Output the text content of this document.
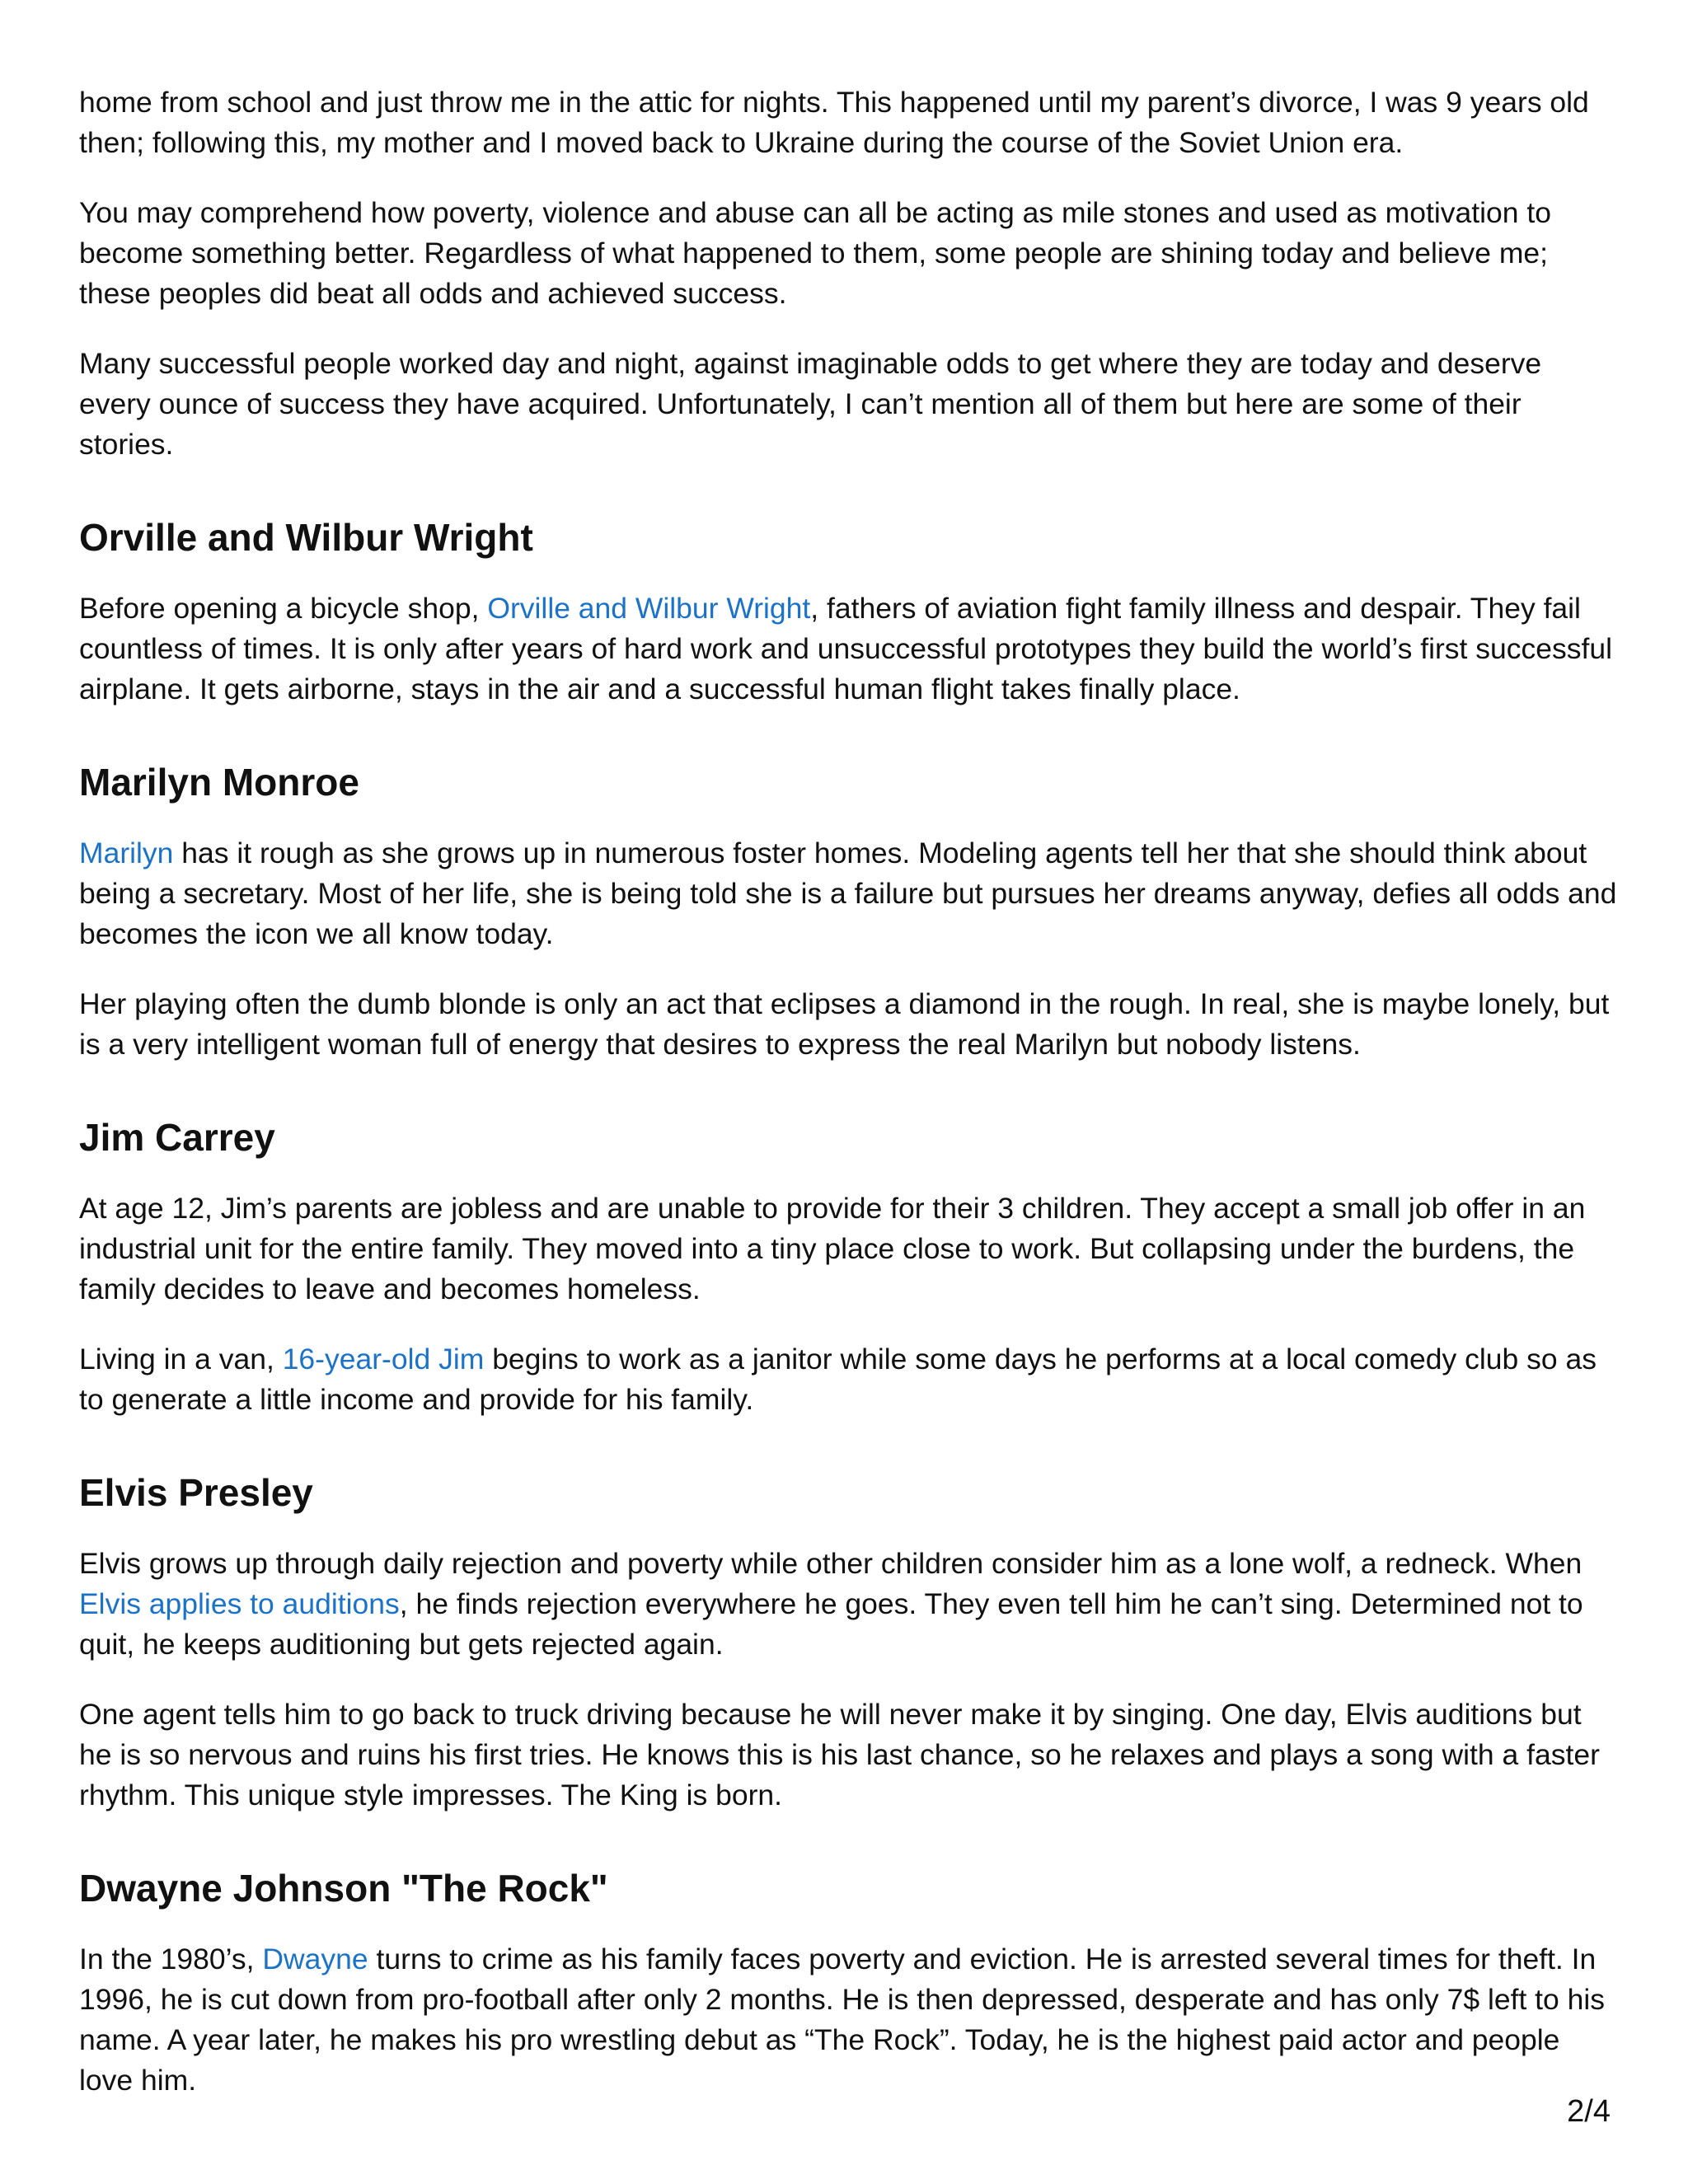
home from school and just throw me in the attic for nights. This happened until my parent’s divorce, I was 9 years old then; following this, my mother and I moved back to Ukraine during the course of the Soviet Union era.

You may comprehend how poverty, violence and abuse can all be acting as mile stones and used as motivation to become something better. Regardless of what happened to them, some people are shining today and believe me; these peoples did beat all odds and achieved success.

Many successful people worked day and night, against imaginable odds to get where they are today and deserve every ounce of success they have acquired. Unfortunately, I can’t mention all of them but here are some of their stories.

Orville and Wilbur Wright

Before opening a bicycle shop, Orville and Wilbur Wright, fathers of aviation fight family illness and despair. They fail countless of times. It is only after years of hard work and unsuccessful prototypes they build the world’s first successful airplane. It gets airborne, stays in the air and a successful human flight takes finally place.

Marilyn Monroe

Marilyn has it rough as she grows up in numerous foster homes. Modeling agents tell her that she should think about being a secretary. Most of her life, she is being told she is a failure but pursues her dreams anyway, defies all odds and becomes the icon we all know today.

Her playing often the dumb blonde is only an act that eclipses a diamond in the rough. In real, she is maybe lonely, but is a very intelligent woman full of energy that desires to express the real Marilyn but nobody listens.

Jim Carrey

At age 12, Jim’s parents are jobless and are unable to provide for their 3 children. They accept a small job offer in an industrial unit for the entire family. They moved into a tiny place close to work. But collapsing under the burdens, the family decides to leave and becomes homeless.

Living in a van, 16-year-old Jim begins to work as a janitor while some days he performs at a local comedy club so as to generate a little income and provide for his family.

Elvis Presley

Elvis grows up through daily rejection and poverty while other children consider him as a lone wolf, a redneck. When Elvis applies to auditions, he finds rejection everywhere he goes. They even tell him he can’t sing. Determined not to quit, he keeps auditioning but gets rejected again.

One agent tells him to go back to truck driving because he will never make it by singing. One day, Elvis auditions but he is so nervous and ruins his first tries. He knows this is his last chance, so he relaxes and plays a song with a faster rhythm. This unique style impresses. The King is born.

Dwayne Johnson "The Rock"

In the 1980’s, Dwayne turns to crime as his family faces poverty and eviction. He is arrested several times for theft. In 1996, he is cut down from pro-football after only 2 months. He is then depressed, desperate and has only 7$ left to his name. A year later, he makes his pro wrestling debut as “The Rock”. Today, he is the highest paid actor and people love him.

2/4
